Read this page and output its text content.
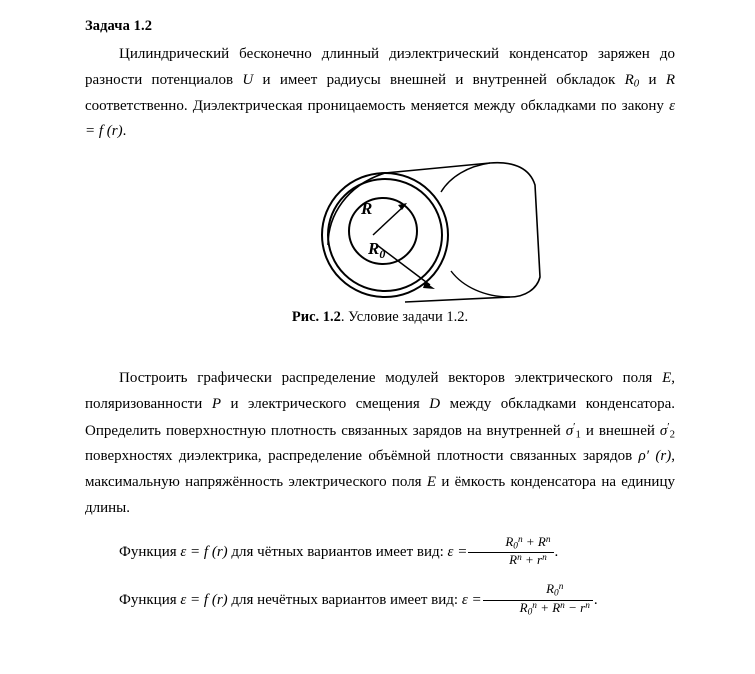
Задача 1.2

Цилиндрический бесконечно длинный диэлектрический конденсатор заряжен до разности потенциалов U и имеет радиусы внешней и внутренней обкладок $R_0$ и R соответственно. Диэлектрическая проницаемость меняется между обкладками по закону ε = f (r).

R
$R_0$
Рис. 1.2. Условие задачи 1.2.

Построить графически распределение модулей векторов электрического поля E, поляризованности P и электрического смещения D между обкладками конденсатора. Определить поверхностную плотность связанных зарядов на внутренней $\sigma'_1$ и внешней $\sigma'_2$ поверхностях диэлектрика, распределение объёмной плотности связанных зарядов ρ′ (r), максимальную напряжённость электрического поля E и ёмкость конденсатора на единицу длины.

Функция ε = f (r) для чётных вариантов имеет вид: $\varepsilon = \frac{R_0^n + R^n}{R^n + r^n}$ .

Функция ε = f (r) для нечётных вариантов имеет вид: $\varepsilon = \frac{R_0^n}{R_0^n + R^n - r^n}$ .
